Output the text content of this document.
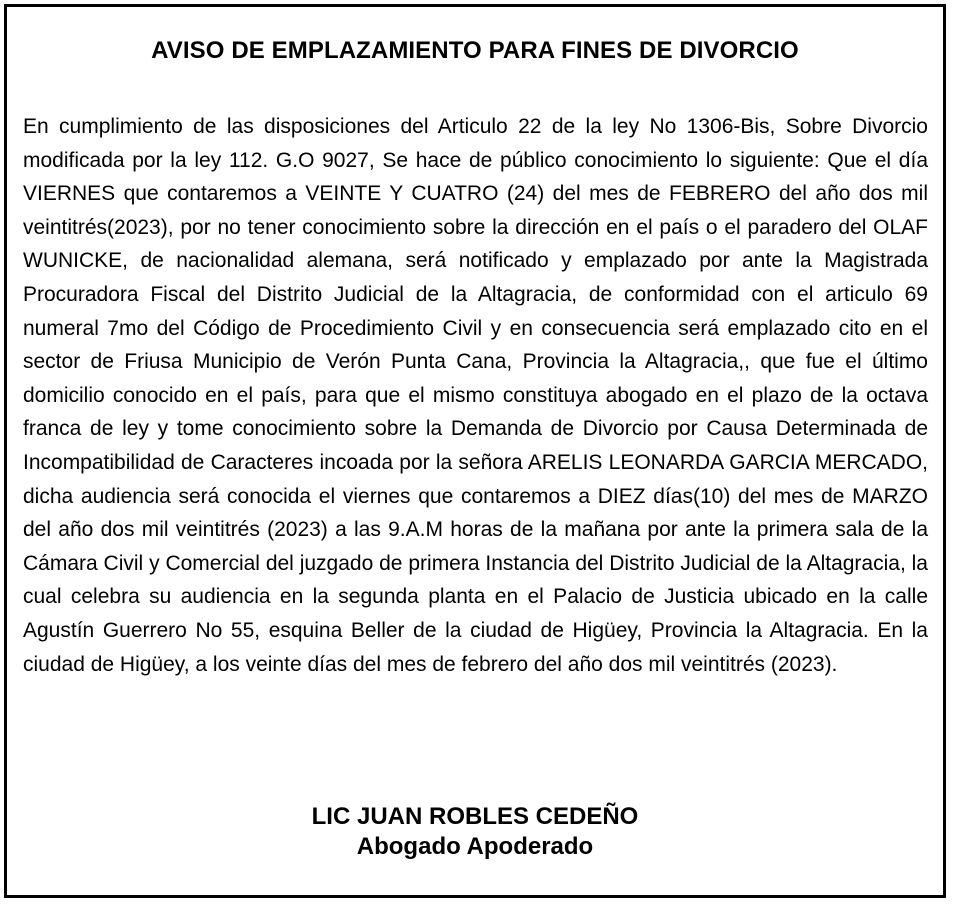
AVISO DE EMPLAZAMIENTO PARA FINES DE DIVORCIO

En cumplimiento de las disposiciones del Articulo 22 de la ley No 1306-Bis, Sobre Divorcio modificada por la ley 112. G.O 9027, Se hace de público conocimiento lo siguiente: Que el día VIERNES que contaremos a VEINTE Y CUATRO (24) del mes de FEBRERO del año dos mil veintitrés(2023), por no tener conocimiento sobre la dirección en el país o el paradero del OLAF WUNICKE, de nacionalidad alemana, será notificado y emplazado por ante la Magistrada Procuradora Fiscal del Distrito Judicial de la Altagracia, de conformidad con el articulo 69 numeral 7mo del Código de Procedimiento Civil y en consecuencia será emplazado cito en el sector de Friusa Municipio de Verón Punta Cana, Provincia la Altagracia,, que fue el último domicilio conocido en el país, para que el mismo constituya abogado en el plazo de la octava franca de ley y tome conocimiento sobre la Demanda de Divorcio por Causa Determinada de Incompatibilidad de Caracteres incoada por la señora ARELIS LEONARDA GARCIA MERCADO, dicha audiencia será conocida el viernes que contaremos a DIEZ días(10) del mes de MARZO del año dos mil veintitrés (2023) a las 9.A.M horas de la mañana por ante la primera sala de la Cámara Civil y Comercial del juzgado de primera Instancia del Distrito Judicial de la Altagracia, la cual celebra su audiencia en la segunda planta en el Palacio de Justicia ubicado en la calle Agustín Guerrero No 55, esquina Beller de la ciudad de Higüey, Provincia la Altagracia. En la ciudad de Higüey, a los veinte días del mes de febrero del año dos mil veintitrés (2023).

LIC JUAN ROBLES CEDEÑO
Abogado Apoderado
